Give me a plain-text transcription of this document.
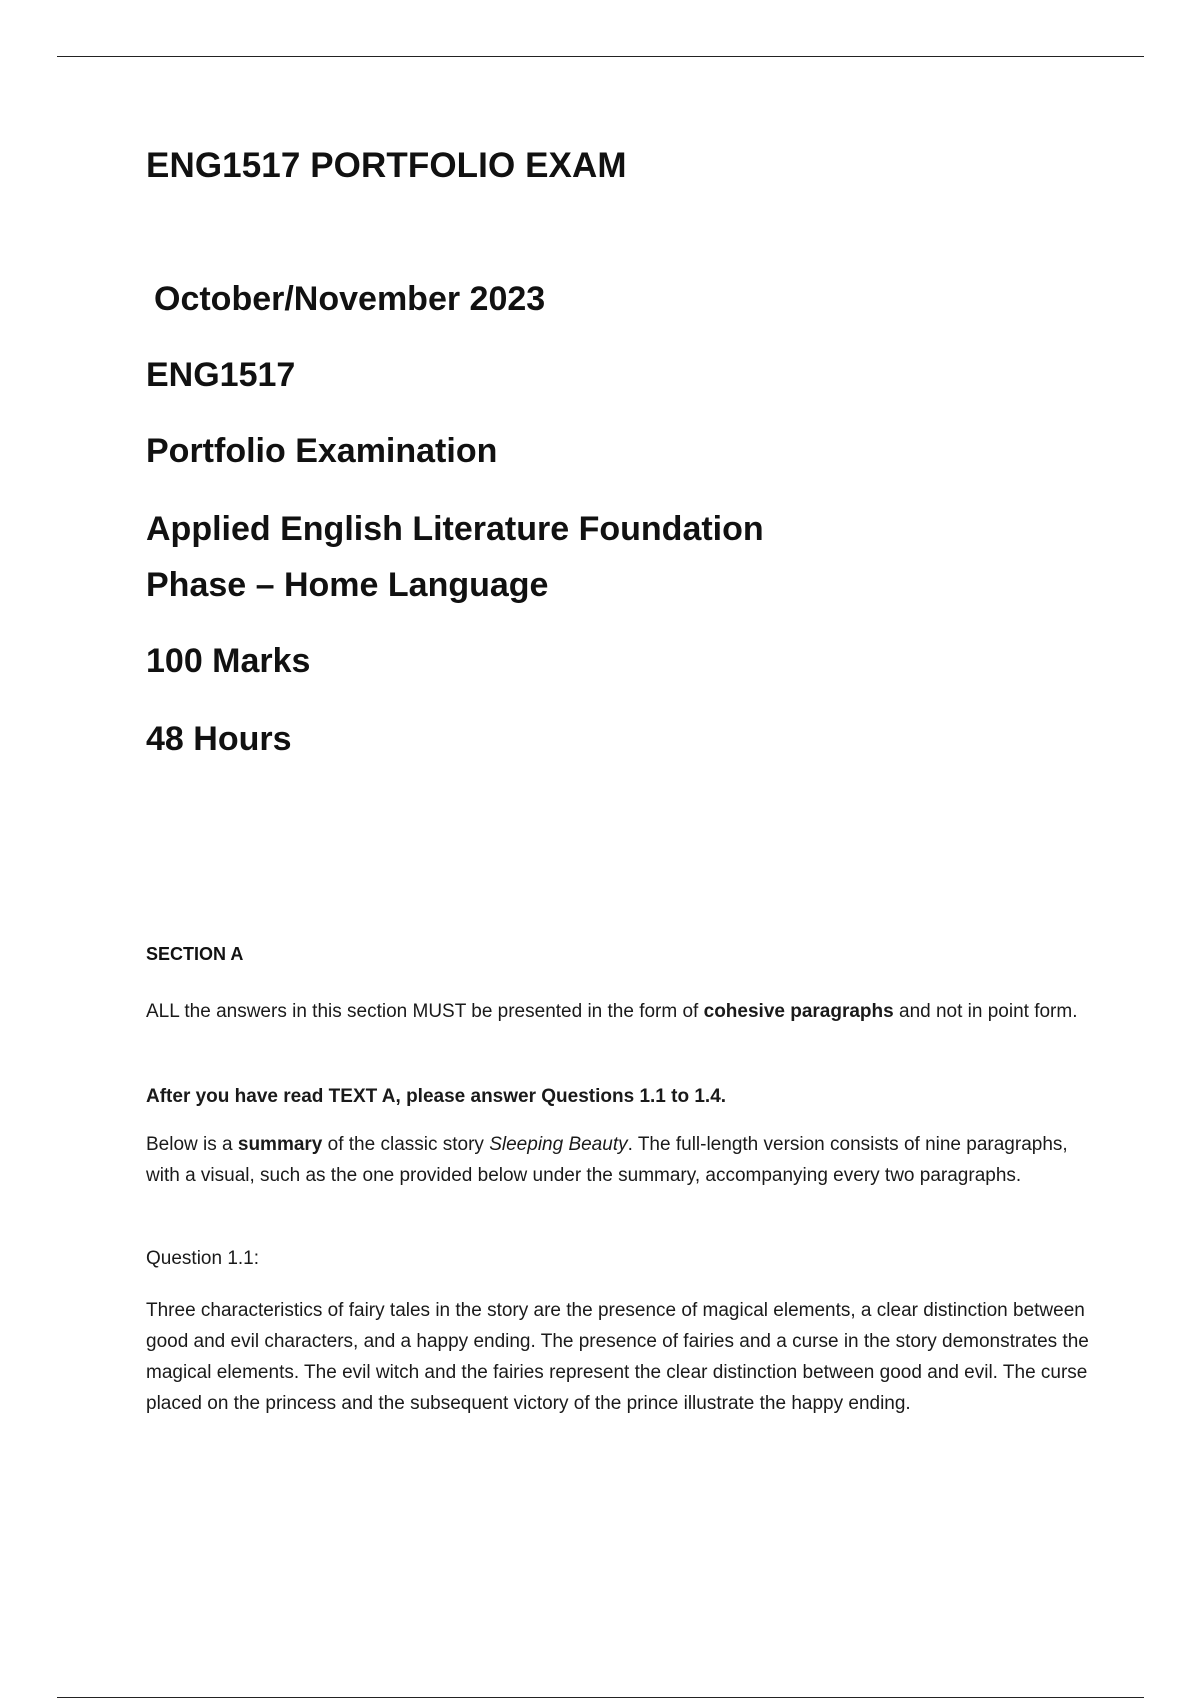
ENG1517 PORTFOLIO EXAM

October/November 2023

ENG1517

Portfolio Examination

Applied English Literature Foundation
Phase – Home Language

100 Marks

48 Hours

SECTION A

ALL the answers in this section MUST be presented in the form of cohesive paragraphs and not in point form.

After you have read TEXT A, please answer Questions 1.1 to 1.4.

Below is a summary of the classic story Sleeping Beauty. The full-length version consists of nine paragraphs, with a visual, such as the one provided below under the summary, accompanying every two paragraphs.

Question 1.1:

Three characteristics of fairy tales in the story are the presence of magical elements, a clear distinction between good and evil characters, and a happy ending. The presence of fairies and a curse in the story demonstrates the magical elements. The evil witch and the fairies represent the clear distinction between good and evil. The curse placed on the princess and the subsequent victory of the prince illustrate the happy ending.
